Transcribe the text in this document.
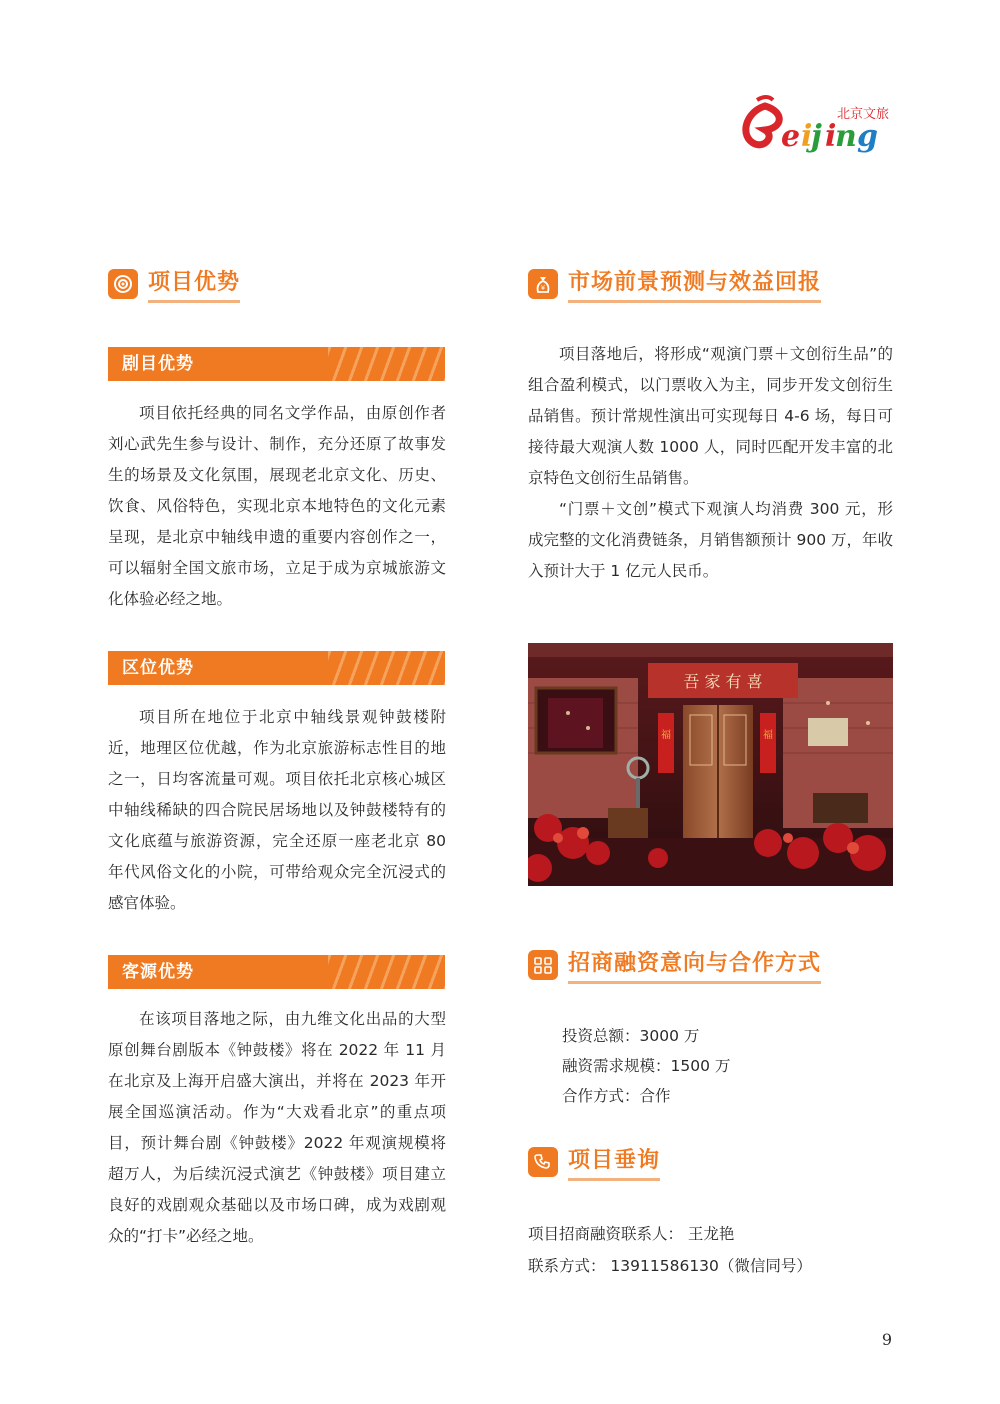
e i
j i
n g
北京文旅
项目优势
剧目优势

项目依托经典的同名文学作品，由原创作者刘心武先生参与设计、制作，充分还原了故事发生的场景及文化氛围，展现老北京文化、历史、饮食、风俗特色，实现北京本地特色的文化元素呈现，是北京中轴线申遗的重要内容创作之一，可以辐射全国文旅市场，立足于成为京城旅游文化体验必经之地。

区位优势

项目所在地位于北京中轴线景观钟鼓楼附近，地理区位优越，作为北京旅游标志性目的地之一，日均客流量可观。项目依托北京核心城区中轴线稀缺的四合院民居场地以及钟鼓楼特有的文化底蕴与旅游资源，完全还原一座老北京 80 年代风俗文化的小院，可带给观众完全沉浸式的感官体验。

客源优势

在该项目落地之际，由九维文化出品的大型原创舞台剧版本《钟鼓楼》将在 2022 年 11 月在北京及上海开启盛大演出，并将在 2023 年开展全国巡演活动。作为“大戏看北京”的重点项目，预计舞台剧《钟鼓楼》2022 年观演规模将超万人，为后续沉浸式演艺《钟鼓楼》项目建立良好的戏剧观众基础以及市场口碑，成为戏剧观众的“打卡”必经之地。

¥ 市场前景预测与效益回报

项目落地后，将形成“观演门票＋文创衍生品”的组合盈利模式，以门票收入为主，同步开发文创衍生品销售。预计常规性演出可实现每日 4-6 场，每日可接待最大观演人数 1000 人，同时匹配开发丰富的北京特色文创衍生品销售。

“门票＋文创”模式下观演人均消费 300 元，形成完整的文化消费链条，月销售额预计 900 万，年收入预计大于 1 亿元人民币。

吾 家 有 喜
福	福
招商融资意向与合作方式

投资总额：3000 万

融资需求规模：1500 万

合作方式：合作

项目垂询

项目招商融资联系人： 王龙艳

联系方式： 13911586130（微信同号）

9
